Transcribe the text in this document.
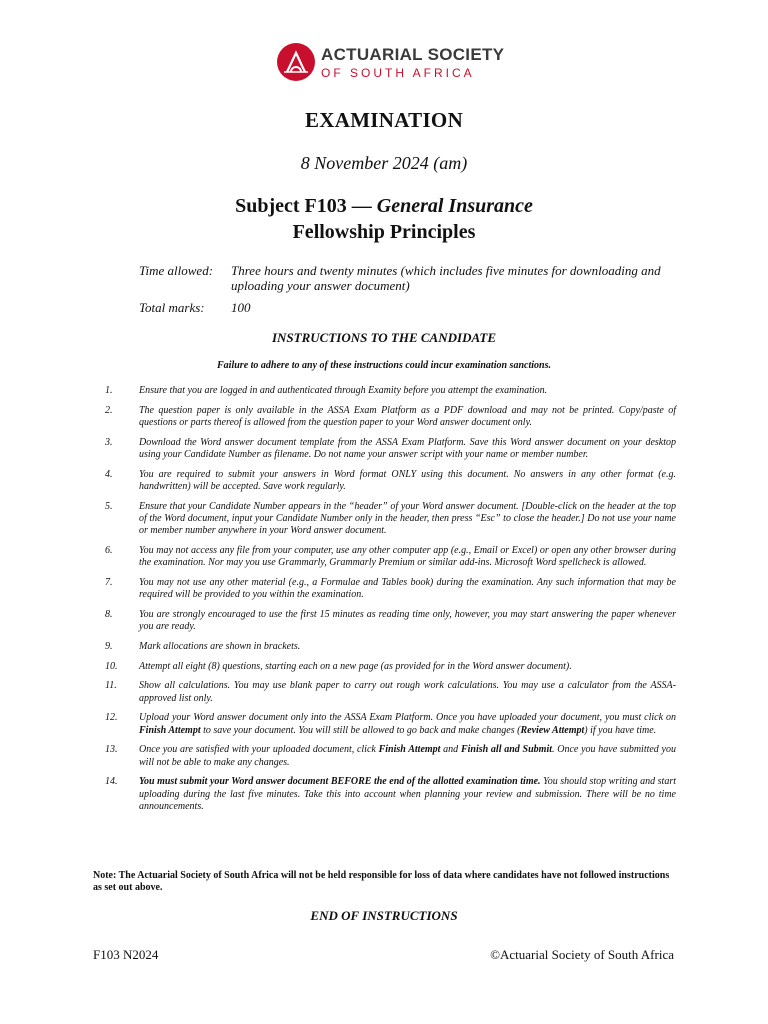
ACTUARIAL SOCIETY
OF SOUTH AFRICA
EXAMINATION
8 November 2024 (am)
Subject F103 — General Insurance
Fellowship Principles
Time allowed:	Three hours and twenty minutes (which includes five minutes for downloading and uploading your answer document)
Total marks:	100
INSTRUCTIONS TO THE CANDIDATE
Failure to adhere to any of these instructions could incur examination sanctions.
1.	Ensure that you are logged in and authenticated through Examity before you attempt the examination.
2.	The question paper is only available in the ASSA Exam Platform as a PDF download and may not be printed. Copy/paste of questions or parts thereof is allowed from the question paper to your Word answer document only.
3.	Download the Word answer document template from the ASSA Exam Platform. Save this Word answer document on your desktop using your Candidate Number as filename. Do not name your answer script with your name or member number.
4.	You are required to submit your answers in Word format ONLY using this document. No answers in any other format (e.g. handwritten) will be accepted. Save work regularly.
5.	Ensure that your Candidate Number appears in the “header” of your Word answer document. [Double-click on the header at the top of the Word document, input your Candidate Number only in the header, then press “Esc” to close the header.] Do not use your name or member number anywhere in your Word answer document.
6.	You may not access any file from your computer, use any other computer app (e.g., Email or Excel) or open any other browser during the examination. Nor may you use Grammarly, Grammarly Premium or similar add-ins. Microsoft Word spellcheck is allowed.
7.	You may not use any other material (e.g., a Formulae and Tables book) during the examination. Any such information that may be required will be provided to you within the examination.
8.	You are strongly encouraged to use the first 15 minutes as reading time only, however, you may start answering the paper whenever you are ready.
9.	Mark allocations are shown in brackets.
10. Attempt all eight (8) questions, starting each on a new page (as provided for in the Word answer document).
11. Show all calculations. You may use blank paper to carry out rough work calculations. You may use a calculator from the ASSA-approved list only.
12. Upload your Word answer document only into the ASSA Exam Platform. Once you have uploaded your document, you must click on Finish Attempt to save your document. You will still be allowed to go back and make changes (Review Attempt) if you have time.
13. Once you are satisfied with your uploaded document, click Finish Attempt and Finish all and Submit. Once you have submitted you will not be able to make any changes.
14. You must submit your Word answer document BEFORE the end of the allotted examination time. You should stop writing and start uploading during the last five minutes. Take this into account when planning your review and submission. There will be no time announcements.
Note: The Actuarial Society of South Africa will not be held responsible for loss of data where candidates have not followed instructions as set out above.
END OF INSTRUCTIONS
F103 N2024	©Actuarial Society of South Africa
